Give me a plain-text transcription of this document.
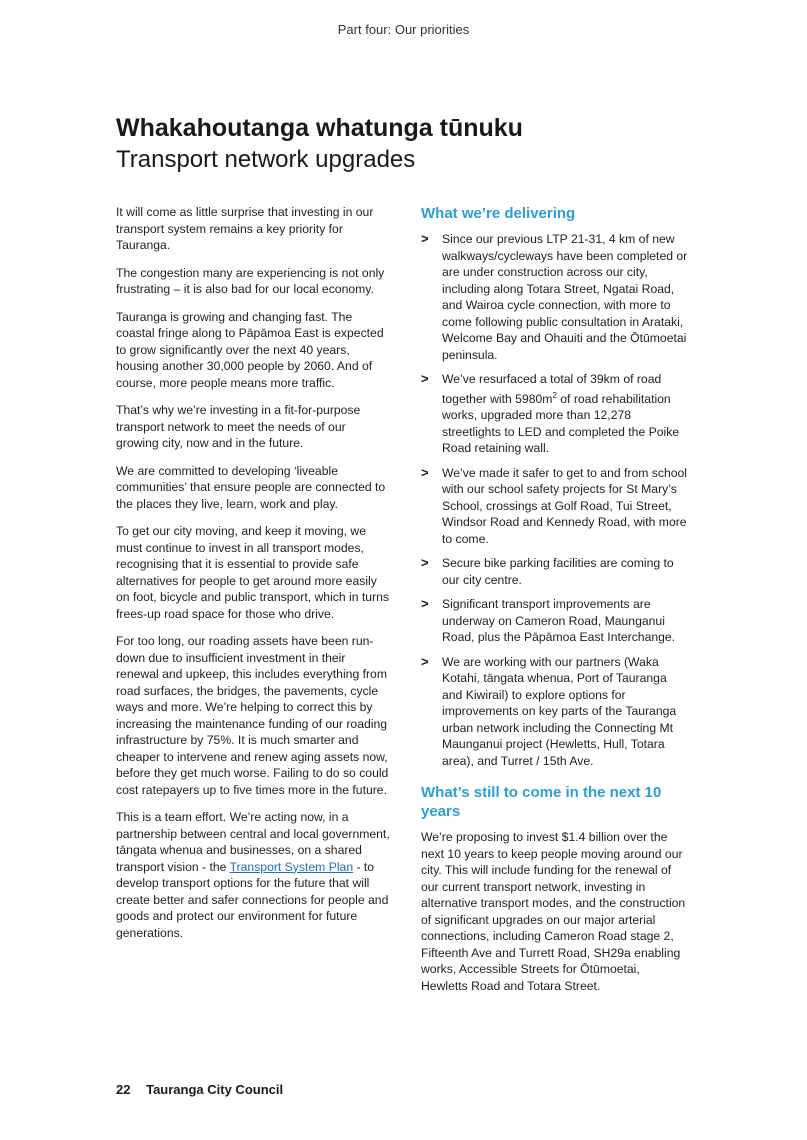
Part four: Our priorities
Whakahoutanga whatunga tūnuku
Transport network upgrades

It will come as little surprise that investing in our transport system remains a key priority for Tauranga.

The congestion many are experiencing is not only frustrating – it is also bad for our local economy.

Tauranga is growing and changing fast. The coastal fringe along to Pāpāmoa East is expected to grow significantly over the next 40 years, housing another 30,000 people by 2060. And of course, more people means more traffic.

That’s why we’re investing in a fit-for-purpose transport network to meet the needs of our growing city, now and in the future.

We are committed to developing ‘liveable communities’ that ensure people are connected to the places they live, learn, work and play.

To get our city moving, and keep it moving, we must continue to invest in all transport modes, recognising that it is essential to provide safe alternatives for people to get around more easily on foot, bicycle and public transport, which in turns frees-up road space for those who drive.

For too long, our roading assets have been run-down due to insufficient investment in their renewal and upkeep, this includes everything from road surfaces, the bridges, the pavements, cycle ways and more. We’re helping to correct this by increasing the maintenance funding of our roading infrastructure by 75%. It is much smarter and cheaper to intervene and renew aging assets now, before they get much worse. Failing to do so could cost ratepayers up to five times more in the future.

This is a team effort. We’re acting now, in a partnership between central and local government, tāngata whenua and businesses, on a shared transport vision - the Transport System Plan - to develop transport options for the future that will create better and safer connections for people and goods and protect our environment for future generations.

What we’re delivering
> Since our previous LTP 21-31, 4 km of new walkways/cycleways have been completed or are under construction across our city, including along Totara Street, Ngatai Road, and Wairoa cycle connection, with more to come following public consultation in Arataki, Welcome Bay and Ohauiti and the Ōtūmoetai peninsula.
> We’ve resurfaced a total of 39km of road together with $5980m^2$ of road rehabilitation works, upgraded more than 12,278 streetlights to LED and completed the Poike Road retaining wall.
> We’ve made it safer to get to and from school with our school safety projects for St Mary’s School, crossings at Golf Road, Tui Street, Windsor Road and Kennedy Road, with more to come.
> Secure bike parking facilities are coming to our city centre.
> Significant transport improvements are underway on Cameron Road, Maunganui Road, plus the Pāpāmoa East Interchange.
> We are working with our partners (Waka Kotahi, tāngata whenua, Port of Tauranga and Kiwirail) to explore options for improvements on key parts of the Tauranga urban network including the Connecting Mt Maunganui project (Hewletts, Hull, Totara area), and Turret / 15th Ave.
What’s still to come in the next 10 years

We’re proposing to invest $1.4 billion over the next 10 years to keep people moving around our city. This will include funding for the renewal of our current transport network, investing in alternative transport modes, and the construction of significant upgrades on our major arterial connections, including Cameron Road stage 2, Fifteenth Ave and Turrett Road, SH29a enabling works, Accessible Streets for Ōtūmoetai, Hewletts Road and Totara Street.

22 Tauranga City Council
